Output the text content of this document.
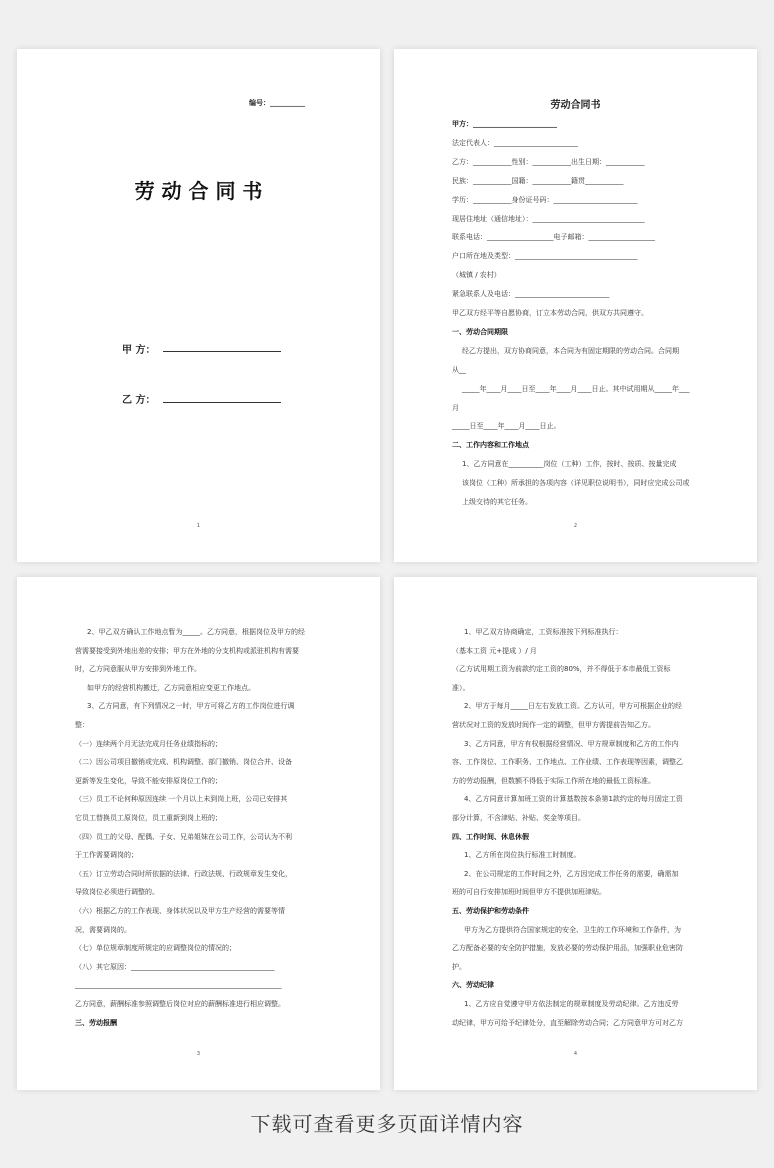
编号：__________
劳 动 合 同 书
甲 方：
乙 方：
1
劳动合同书
甲方：________________________
法定代表人：________________________
乙方：___________性别：___________出生日期：___________
民族：___________国籍：___________籍贯___________
学历：___________身份证号码：________________________
现居住地址（通信地址）：________________________________
联系电话：___________________电子邮箱：___________________
户口所在地及类型：___________________________________
（城镇 / 农村）
紧急联系人及电话：___________________________
甲乙双方经平等自愿协商，订立本劳动合同，供双方共同遵守。
一、劳动合同期限
经乙方提出，双方协商同意，本合同为有固定期限的劳动合同。合同期
从__
_____年____月____日至____年____月____日止。其中试用期从_____年___
月
_____日至____年____月____日止。
二、工作内容和工作地点
1、乙方同意在__________岗位（工种）工作，按时、按质、按量完成
该岗位（工种）所承担的各项内容（详见职位说明书），同时应完成公司或
上级交待的其它任务。
2
2、甲乙双方确认工作地点暂为_____。乙方同意，根据岗位及甲方的经
营需要接受到外地出差的安排；甲方在外地的分支机构或派驻机构有需要
时，乙方同意服从甲方安排到外地工作。
如甲方的经营机构搬迁，乙方同意相应变更工作地点。
3、乙方同意，有下列情况之一时，甲方可将乙方的工作岗位进行调
整：
（一）连续两个月无法完成月任务业绩指标的；
（二）因公司项目撤销或完成、机构调整、部门撤销、岗位合并、设备
更新等发生变化，导致不能安排原岗位工作的；
（三）员工不论何种原因连续 一个月以上未到岗上班，公司已安排其
它员工替换员工原岗位，员工重新到岗上班的；
（四）员工的父母、配偶、子女、兄弟姐妹在公司工作，公司认为不利
于工作需要调岗的；
（五）订立劳动合同时所依据的法律、行政法规、行政规章发生变化，
导致岗位必须进行调整的。
（六）根据乙方的工作表现、身体状况以及甲方生产经营的需要等情
况，需要调岗的。
（七）单位规章制度所规定的应调整岗位的情况的；
（八）其它原因：_________________________________________
___________________________________________________________
乙方同意，薪酬标准参照调整后岗位对应的薪酬标准进行相应调整。
三、劳动报酬
3
1、甲乙双方协商确定，工资标准按下列标准执行：
（基本工资 元+提成 ）/ 月
（乙方试用期工资为前款约定工资的80%，并不得低于本市最低工资标
准）。
2、甲方于每月_____日左右发放工资。乙方认可，甲方可根据企业的经
营状况对工资的发放时间作一定的调整，但甲方需提前告知乙方。
3、乙方同意，甲方有权根据经营情况、甲方规章制度和乙方的工作内
容、工作岗位、工作职务、工作地点、工作业绩、工作表现等因素，调整乙
方的劳动报酬，但数额不得低于实际工作所在地的最低工资标准。
4、乙方同意计算加班工资的计算基数按本条第1款约定的每月固定工资
部分计算，不含津贴、补贴、奖金等项目。
四、工作时间、休息休假
1、乙方所在岗位执行标准工时制度。
2、在公司规定的工作时间之外，乙方因完成工作任务的需要，确需加
班的可自行安排加班时间但甲方不提供加班津贴。
五、劳动保护和劳动条件
甲方为乙方提供符合国家规定的安全、卫生的工作环境和工作条件，为
乙方配备必要的安全防护措施，发放必要的劳动保护用品，加强职业危害防
护。
六、劳动纪律
1、乙方应自觉遵守甲方依法制定的规章制度及劳动纪律。乙方违反劳
动纪律，甲方可给予纪律处分，直至解除劳动合同；乙方同意甲方可对乙方
4
下载可查看更多页面详情内容
